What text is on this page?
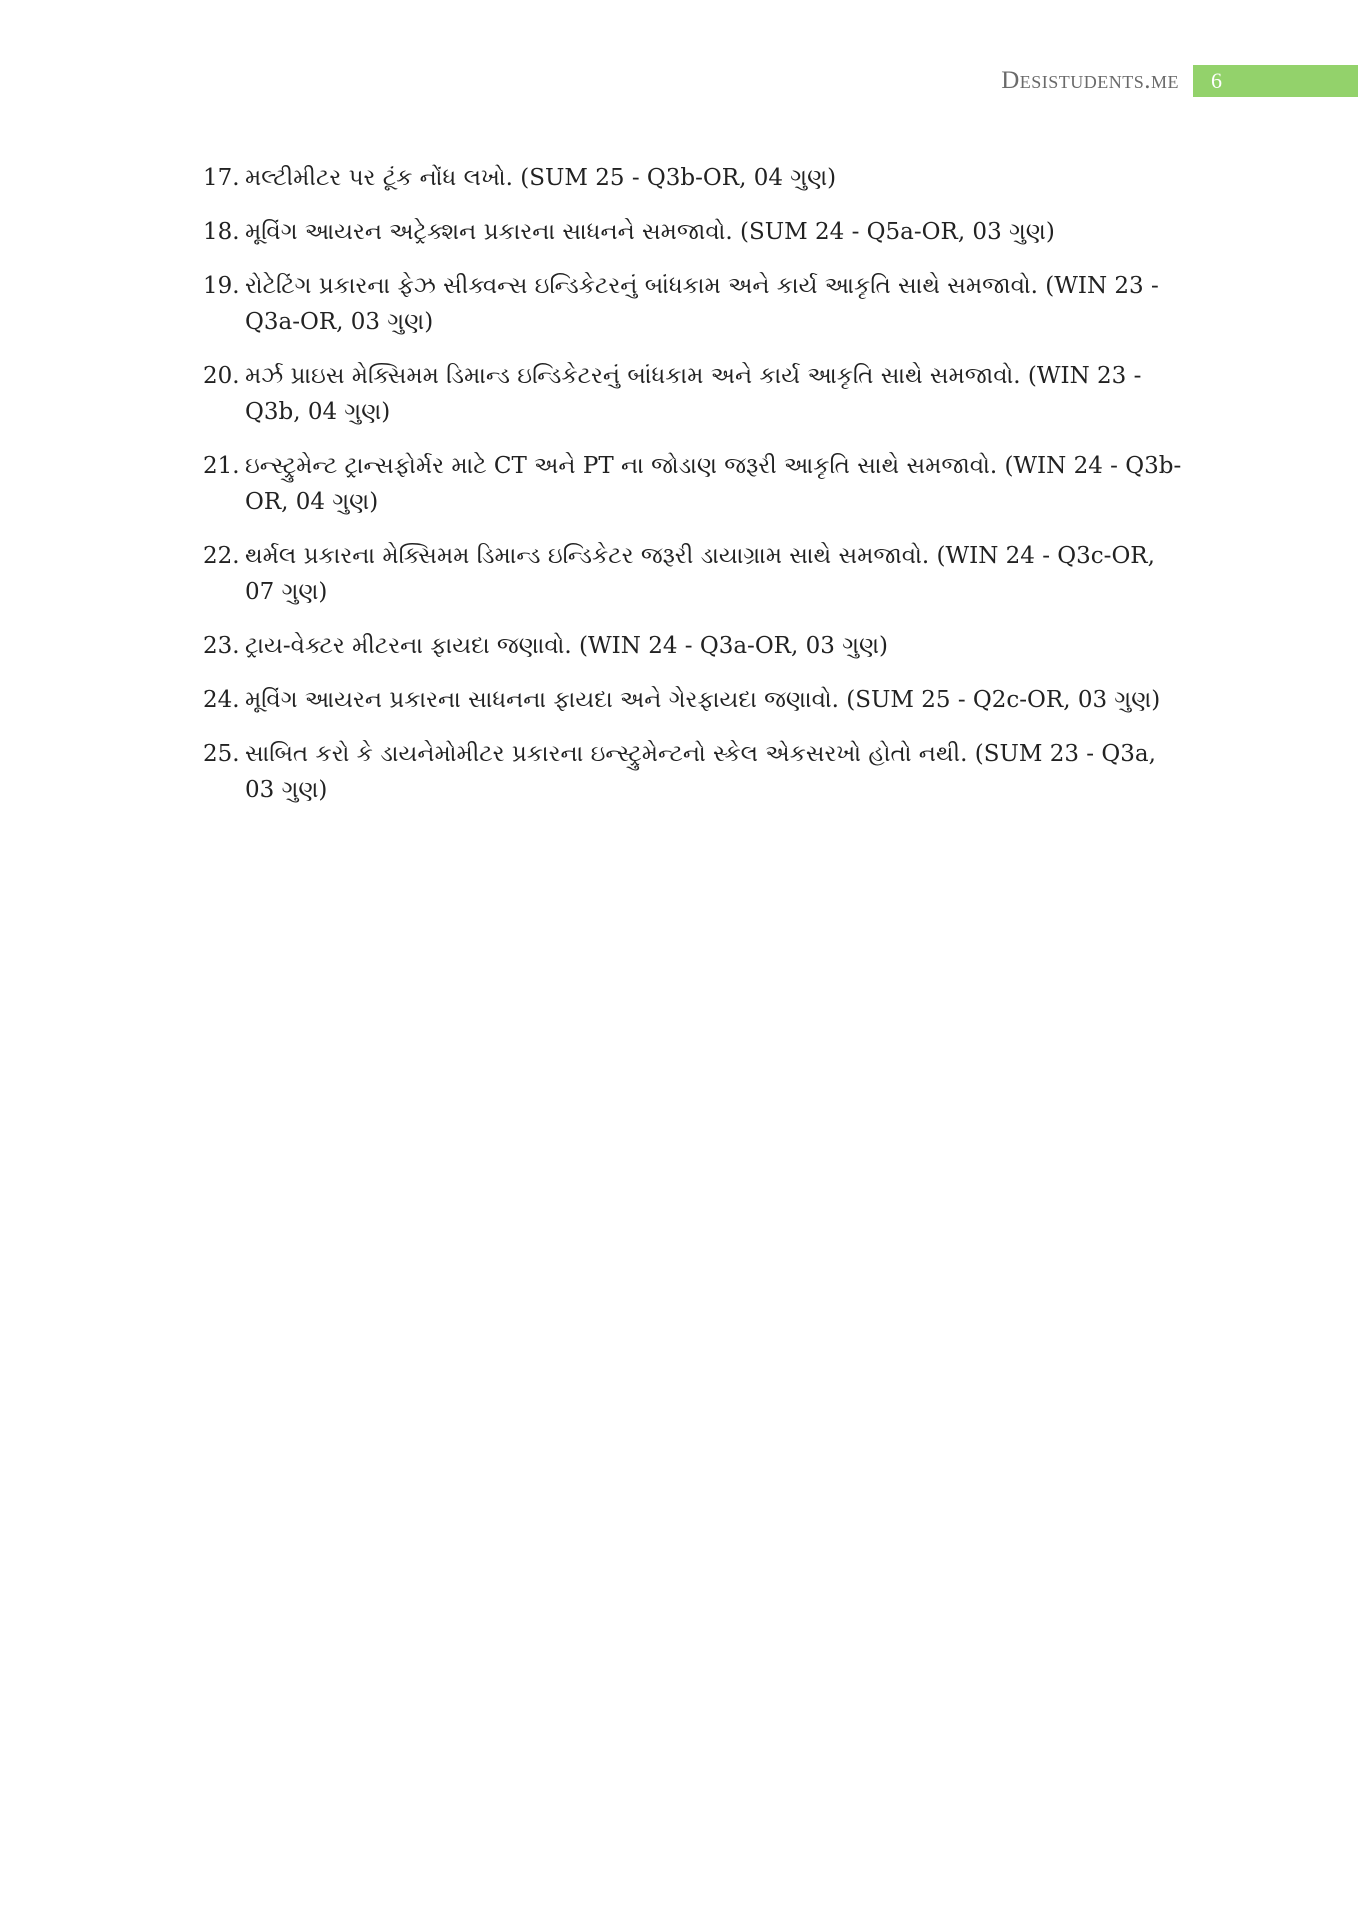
Desistudents.me	6
17. મલ્ટીમીટર પર ટૂંક નોંધ લખો. (SUM 25 - Q3b-OR, 04 ગુણ)
18. મૂવિંગ આયરન અટ્રેક્શન પ્રકારના સાધનને સમજાવો. (SUM 24 - Q5a-OR, 03 ગુણ)
19. રોટેટિંગ પ્રકારના ફેઝ સીક્વન્સ ઇન્ડિકેટરનું બાંધકામ અને કાર્ય આકૃતિ સાથે સમજાવો. (WIN 23 - Q3a-OR, 03 ગુણ)
20. મર્ઝ પ્રાઇસ મેક્સિમમ ડિમાન્ડ ઇન્ડિકેટરનું બાંધકામ અને કાર્ય આકૃતિ સાથે સમજાવો. (WIN 23 - Q3b, 04 ગુણ)
21. ઇન્સ્ટ્રુમેન્ટ ટ્રાન્સફોર્મર માટે CT અને PT ના જોડાણ જરૂરી આકૃતિ સાથે સમજાવો. (WIN 24 - Q3b-OR, 04 ગુણ)
22. થર્મલ પ્રકારના મેક્સિમમ ડિમાન્ડ ઇન્ડિકેટર જરૂરી ડાયાગ્રામ સાથે સમજાવો. (WIN 24 - Q3c-OR, 07 ગુણ)
23. ટ્રાય-વેક્ટર મીટરના ફાયદા જણાવો. (WIN 24 - Q3a-OR, 03 ગુણ)
24. મૂવિંગ આયરન પ્રકારના સાધનના ફાયદા અને ગેરફાયદા જણાવો. (SUM 25 - Q2c-OR, 03 ગુણ)
25. સાબિત કરો કે ડાયનેમોમીટર પ્રકારના ઇન્સ્ટ્રુમેન્ટનો સ્કેલ એકસરખો હોતો નથી. (SUM 23 - Q3a, 03 ગુણ)
